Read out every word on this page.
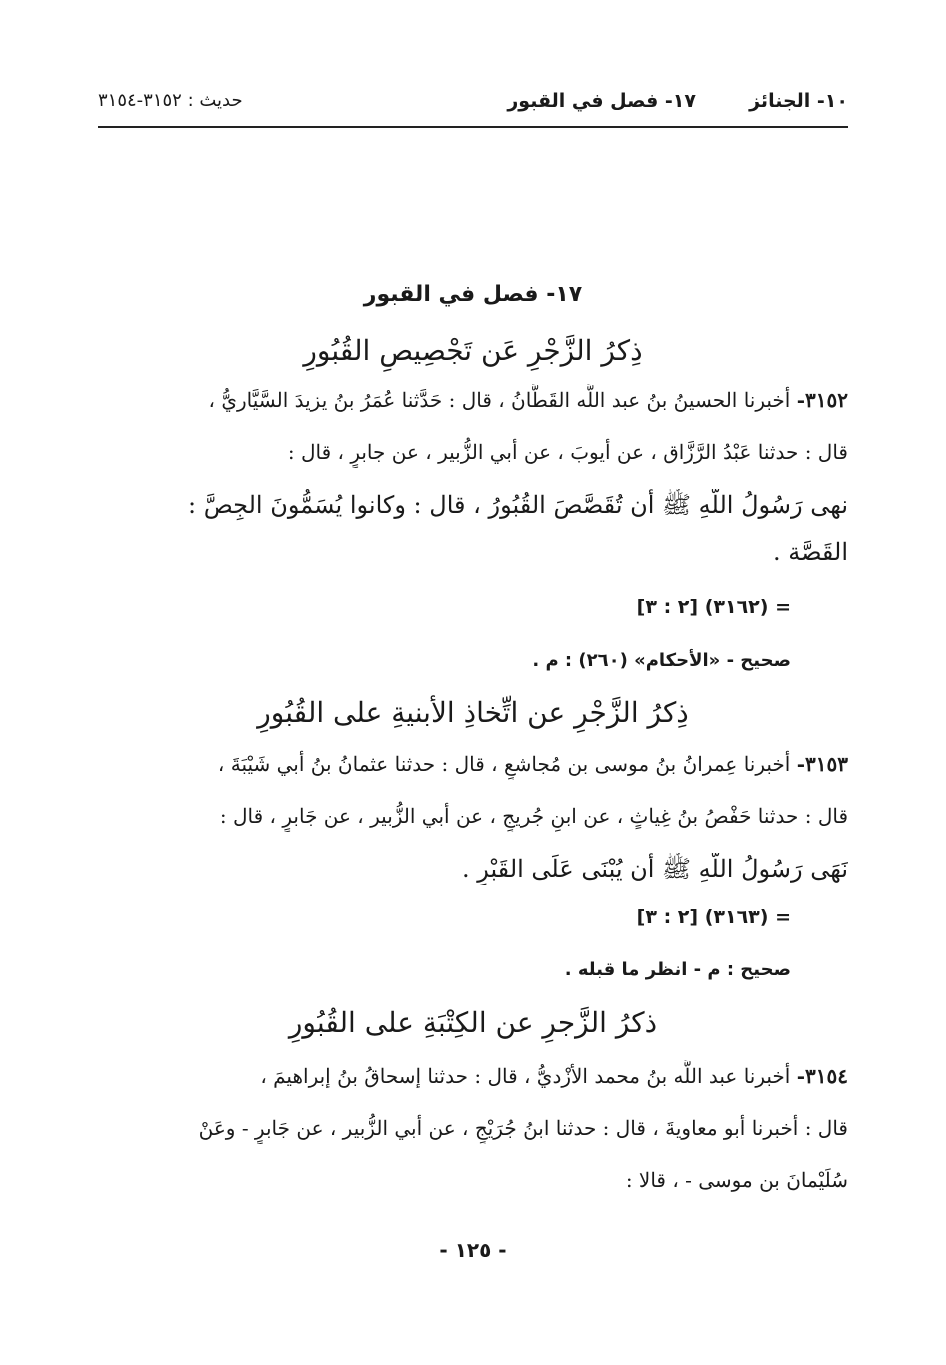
١٠- الجنائز
١٧- فصل في القبور
حديث : ٣١٥٢-٣١٥٤
١٧- فصل في القبور
ذِكرُ الزَّجْرِ عَن تَجْصِيصِ القُبُورِ
٣١٥٢- أخبرنا الحسينُ بنُ عبد اللَّه القَطَّانُ ، قال : حَدَّثنا عُمَرُ بنُ يزيدَ السَّيَّاريُّ ،
قال : حدثنا عَبْدُ الرَّزَّاق ، عن أيوبَ ، عن أبي الزُّبير ، عن جابرٍ ، قال :
نهى رَسُولُ اللَّهِ ﷺ أن تُقَصَّصَ القُبُورُ ، قال : وكانوا يُسَمُّونَ الجِصَّ :
القَصَّة .
= (٣١٦٢) [٢ : ٣]
صحيح - «الأحكام» (٢٦٠) : م .
ذِكرُ الزَّجْرِ عن اتِّخاذِ الأبنيةِ على القُبُورِ
٣١٥٣- أخبرنا عِمرانُ بنُ موسى بن مُجاشعٍ ، قال : حدثنا عثمانُ بنُ أبي شَيْبَةَ ،
قال : حدثنا حَفْصُ بنُ غِياثٍ ، عن ابنِ جُريجٍ ، عن أبي الزُّبير ، عن جَابرٍ ، قال :
نَهَى رَسُولُ اللَّهِ ﷺ أن يُبْنَى عَلَى القَبْرِ .
= (٣١٦٣) [٢ : ٣]
صحيح : م - انظر ما قبله .
ذكرُ الزَّجرِ عن الكِتْبَةِ على القُبُورِ
٣١٥٤- أخبرنا عبد اللَّه بنُ محمد الأزْديُّ ، قال : حدثنا إسحاقُ بنُ إبراهيمَ ،
قال : أخبرنا أبو معاويةَ ، قال : حدثنا ابنُ جُرَيْجٍ ، عن أبي الزُّبير ، عن جَابرٍ - وعَنْ
سُلَيْمانَ بن موسى - ، قالا :
- ١٢٥ -
